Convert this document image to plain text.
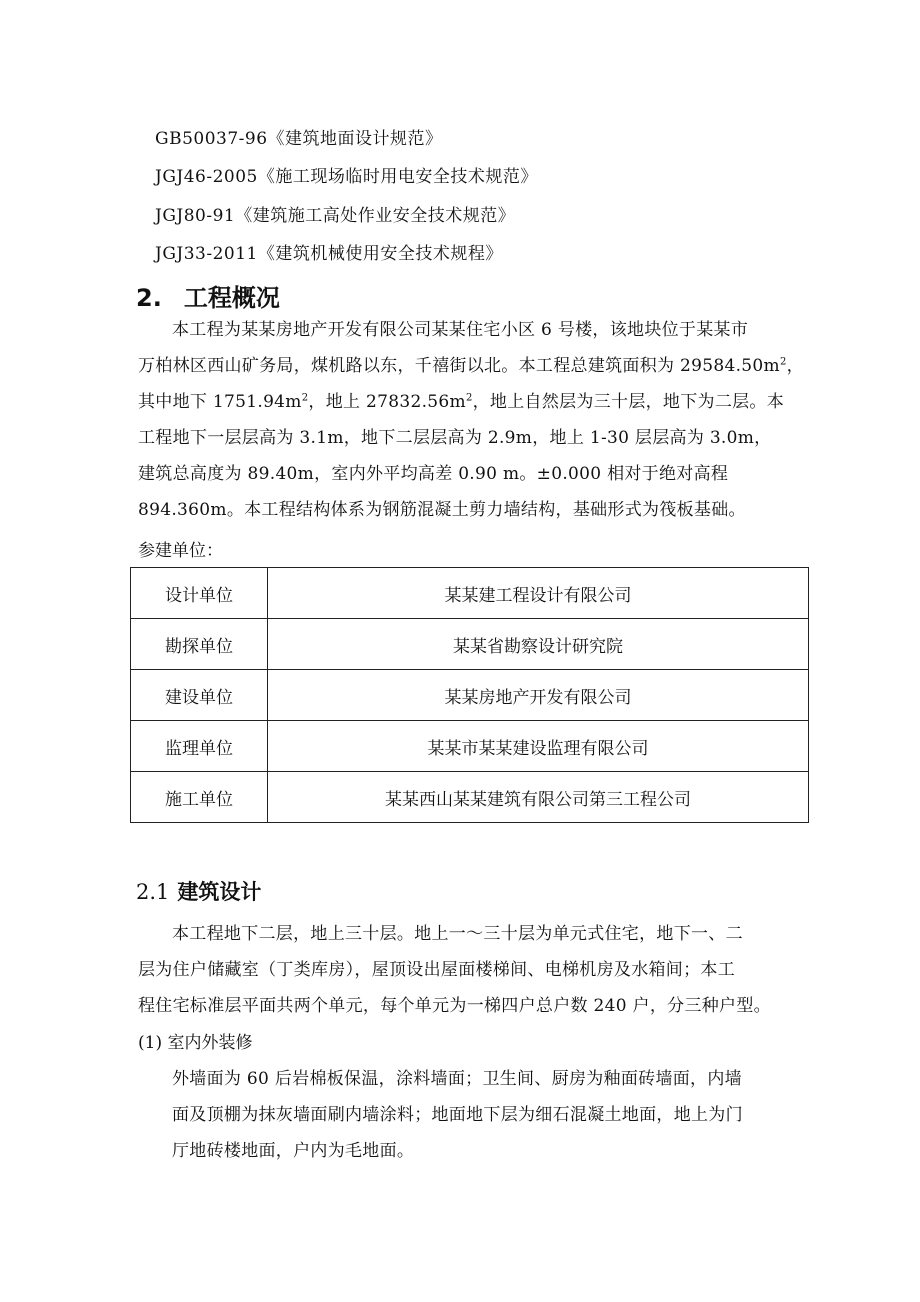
GB50037-96《建筑地面设计规范》
JGJ46-2005《施工现场临时用电安全技术规范》
JGJ80-91《建筑施工高处作业安全技术规范》
JGJ33-2011《建筑机械使用安全技术规程》
2. 工程概况
本工程为某某房地产开发有限公司某某住宅小区 6 号楼，该地块位于某某市
万柏林区西山矿务局，煤机路以东，千禧街以北。本工程总建筑面积为 $29584.50m^2$，
其中地下 $1751.94m^2$，地上 $27832.56m^2$，地上自然层为三十层，地下为二层。本
工程地下一层层高为 3.1m，地下二层层高为 2.9m，地上 1-30 层层高为 3.0m，
建筑总高度为 89.40m，室内外平均高差 0.90 m。±0.000 相对于绝对高程
894.360m。本工程结构体系为钢筋混凝土剪力墙结构，基础形式为筏板基础。
参建单位：
设计单位	某某建工程设计有限公司
勘探单位	某某省勘察设计研究院
建设单位	某某房地产开发有限公司
监理单位	某某市某某建设监理有限公司
施工单位	某某西山某某建筑有限公司第三工程公司
2.1 建筑设计
本工程地下二层，地上三十层。地上一～三十层为单元式住宅，地下一、二
层为住户储藏室（丁类库房），屋顶设出屋面楼梯间、电梯机房及水箱间；本工
程住宅标准层平面共两个单元，每个单元为一梯四户总户数 240 户，分三种户型。
(1) 室内外装修
外墙面为 60 后岩棉板保温，涂料墙面；卫生间、厨房为釉面砖墙面，内墙
面及顶棚为抹灰墙面刷内墙涂料；地面地下层为细石混凝土地面，地上为门
厅地砖楼地面，户内为毛地面。
